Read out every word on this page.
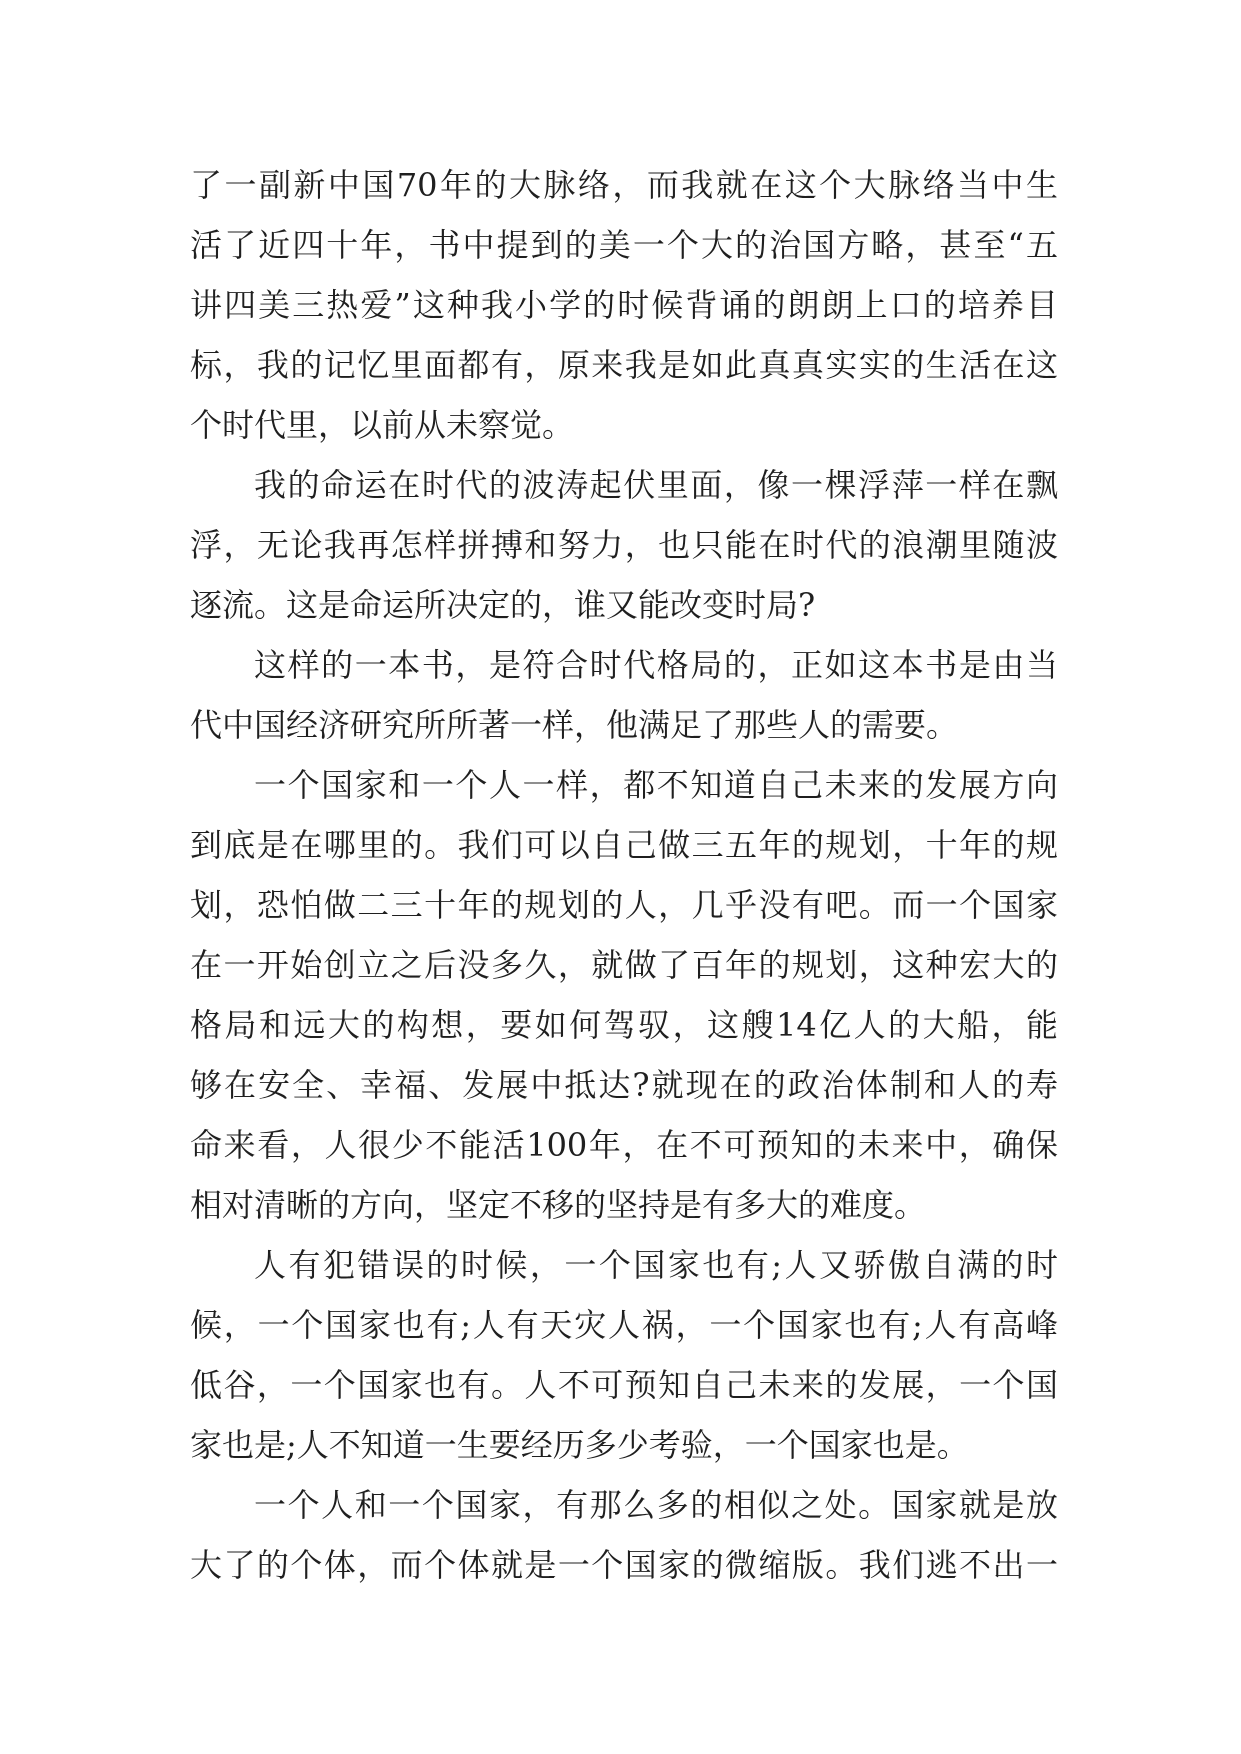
了一副新中国70年的大脉络，而我就在这个大脉络当中生
活了近四十年，书中提到的美一个大的治国方略，甚至“五
讲四美三热爱”这种我小学的时候背诵的朗朗上口的培养目
标，我的记忆里面都有，原来我是如此真真实实的生活在这
个时代里，以前从未察觉。
我的命运在时代的波涛起伏里面，像一棵浮萍一样在飘
浮，无论我再怎样拼搏和努力，也只能在时代的浪潮里随波
逐流。这是命运所决定的，谁又能改变时局?
这样的一本书，是符合时代格局的，正如这本书是由当
代中国经济研究所所著一样，他满足了那些人的需要。
一个国家和一个人一样，都不知道自己未来的发展方向
到底是在哪里的。我们可以自己做三五年的规划，十年的规
划，恐怕做二三十年的规划的人，几乎没有吧。而一个国家
在一开始创立之后没多久，就做了百年的规划，这种宏大的
格局和远大的构想，要如何驾驭，这艘14亿人的大船，能
够在安全、幸福、发展中抵达?就现在的政治体制和人的寿
命来看，人很少不能活100年，在不可预知的未来中，确保
相对清晰的方向，坚定不移的坚持是有多大的难度。
人有犯错误的时候，一个国家也有;人又骄傲自满的时
候，一个国家也有;人有天灾人祸，一个国家也有;人有高峰
低谷，一个国家也有。人不可预知自己未来的发展，一个国
家也是;人不知道一生要经历多少考验，一个国家也是。
一个人和一个国家，有那么多的相似之处。国家就是放
大了的个体，而个体就是一个国家的微缩版。我们逃不出一
